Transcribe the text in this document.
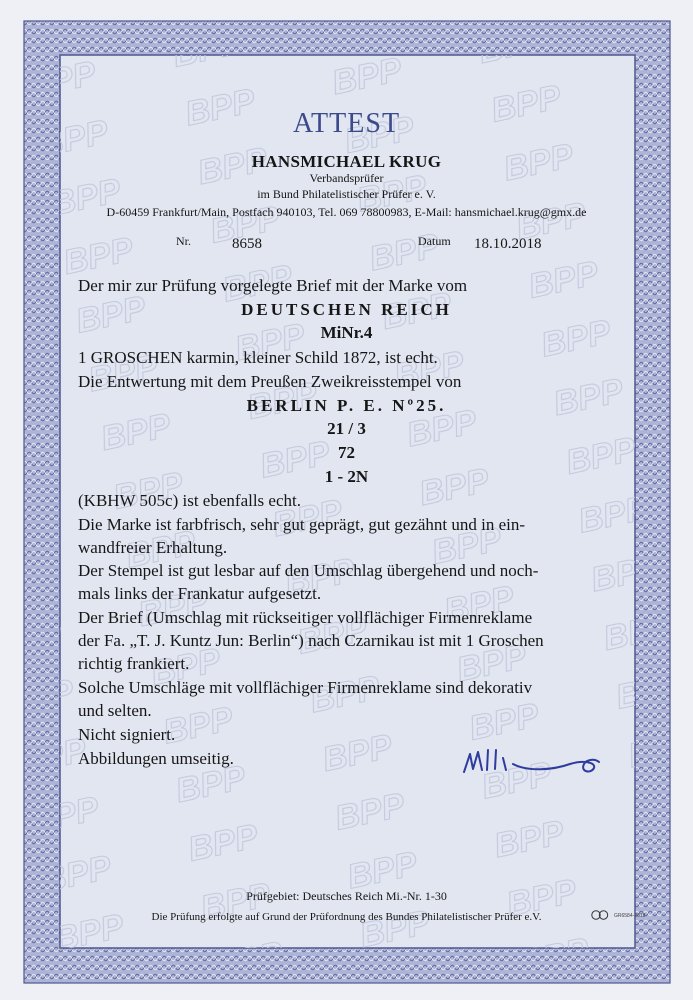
ATTEST
HANSMICHAEL KRUG
Verbandsprüfer
im Bund Philatelistischer Prüfer e. V.
D-60459 Frankfurt/Main, Postfach 940103, Tel. 069 78800983, E-Mail: hansmichael.krug@gmx.de
Nr.	8658	Datum 18.10.2018
Der mir zur Prüfung vorgelegte Brief mit der Marke vom
DEUTSCHEN REICH
MiNr.4
1 GROSCHEN karmin, kleiner Schild 1872, ist echt.
Die Entwertung mit dem Preußen Zweikreisstempel von
BERLIN P. E. Nº25.
21 / 3
72
1 - 2N
(KBHW 505c) ist ebenfalls echt.
Die Marke ist farbfrisch, sehr gut geprägt, gut gezähnt und in ein-
wandfreier Erhaltung.
Der Stempel ist gut lesbar auf den Umschlag übergehend und noch-
mals links der Frankatur aufgesetzt.
Der Brief (Umschlag mit rückseitiger vollflächiger Firmenreklame
der Fa. „T. J. Kuntz Jun: Berlin“) nach Czarnikau ist mit 1 Groschen
richtig frankiert.
Solche Umschläge mit vollflächiger Firmenreklame sind dekorativ
und selten.
Nicht signiert.
Abbildungen umseitig.
Prüfgebiet: Deutsches Reich Mi.-Nr. 1-30
Die Prüfung erfolgte auf Grund der Prüfordnung des Bundes Philatelistischer Prüfer e.V.	GR6584-2018
